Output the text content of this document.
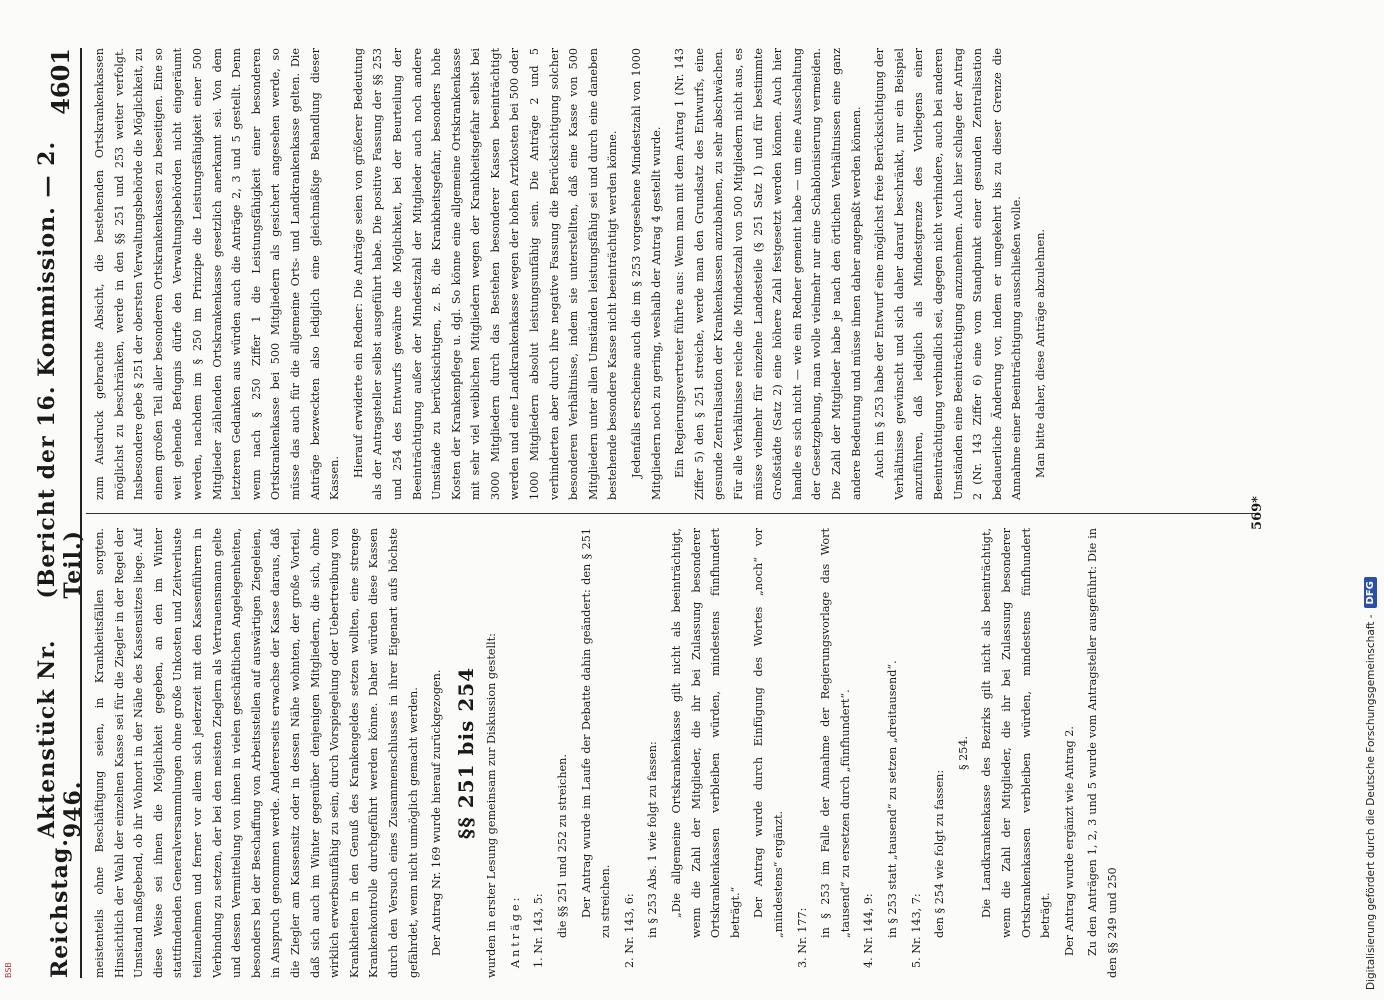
Reichstag.
Aktenstück Nr. 946.
(Bericht der 16. Kommission. — 2. Teil.)
4601

meistenteils ohne Beschäftigung seien, in Krankheitsfällen sorgten. Hinsichtlich der Wahl der einzelnen Kasse sei für die Ziegler in der Regel der Umstand maßgebend, ob ihr Wohnort in der Nähe des Kassensitzes liege. Auf diese Weise sei ihnen die Möglichkeit gegeben, an den im Winter stattfindenden Generalversammlungen ohne große Unkosten und Zeitverluste teilzunehmen und ferner vor allem sich jederzeit mit den Kassenführern in Verbindung zu setzen, der bei den meisten Zieglern als Vertrauensmann gelte und dessen Vermittelung von ihnen in vielen geschäftlichen Angelegenheiten, besonders bei der Beschaffung von Arbeitsstellen auf auswärtigen Ziegeleien, in Anspruch genommen werde. Andererseits erwachse der Kasse daraus, daß die Ziegler am Kassensitz oder in dessen Nähe wohnten, der große Vorteil, daß sich auch im Winter gegenüber denjenigen Mitgliedern, die sich, ohne wirklich erwerbsunfähig zu sein, durch Vorspiegelung oder Uebertreibung von Krankheiten in den Genuß des Krankengeldes setzen wollten, eine strenge Krankenkontrolle durchgeführt werden könne. Daher würden diese Kassen durch den Versuch eines Zusammenschlusses in ihrer Eigenart aufs höchste gefährdet, wenn nicht unmöglich gemacht werden. Der Antrag Nr. 169 wurde hierauf zurückgezogen. §§ 251 bis 254 wurden in erster Lesung gemeinsam zur Diskussion gestellt: Anträge: 1. Nr. 143, 5: die §§ 251 und 252 zu streichen. Der Antrag wurde im Laufe der Debatte dahin geändert: den § 251 zu streichen. 2. Nr. 143, 6: in § 253 Abs. 1 wie folgt zu fassen: „Die allgemeine Ortskrankenkasse gilt nicht als beeinträchtigt, wenn die Zahl der Mitglieder, die ihr bei Zulassung besonderer Ortskrankenkassen verbleiben würden, mindestens fünfhundert beträgt.“ Der Antrag wurde durch Einfügung des Wortes „noch“ vor „mindestens“ ergänzt. 3. Nr. 177: in § 253 im Falle der Annahme der Regierungsvorlage das Wort „tausend“ zu ersetzen durch „fünfhundert“. 4. Nr. 144, 9: in § 253 statt „tausend“ zu setzen „dreitausend“. 5. Nr. 143, 7: den § 254 wie folgt zu fassen:

§ 254. Die Landkrankenkasse des Bezirks gilt nicht als beeinträchtigt, wenn die Zahl der Mitglieder, die ihr bei Zulassung besonderer Ortskrankenkassen verbleiben würden, mindestens fünfhundert beträgt. Der Antrag wurde ergänzt wie Antrag 2. Zu den Anträgen 1, 2, 3 und 5 wurde vom Antragsteller ausgeführt: Die in den §§ 249 und 250

zum Ausdruck gebrachte Absicht, die bestehenden Ortskrankenkassen möglichst zu beschränken, werde in den §§ 251 und 253 weiter verfolgt. Insbesondere gebe § 251 der obersten Verwaltungsbehörde die Möglichkeit, zu einem großen Teil aller besonderen Ortskrankenkassen zu beseitigen. Eine so weit gehende Befugnis dürfe den Verwaltungsbehörden nicht eingeräumt werden, nachdem im § 250 im Prinzipe die Leistungsfähigkeit einer 500 Mitglieder zählenden Ortskrankenkasse gesetzlich anerkannt sei. Von dem letzteren Gedanken aus würden auch die Anträge 2, 3 und 5 gestellt. Denn wenn nach § 250 Ziffer 1 die Leistungsfähigkeit einer besonderen Ortskrankenkasse bei 500 Mitgliedern als gesichert angesehen werde, so müsse das auch für die allgemeine Orts- und Landkrankenkasse gelten. Die Anträge bezweckten also lediglich eine gleichmäßige Behandlung dieser Kassen.

Hierauf erwiderte ein Redner: Die Anträge seien von größerer Bedeutung als der Antragsteller selbst ausgeführt habe. Die positive Fassung der §§ 253 und 254 des Entwurfs gewähre die Möglichkeit, bei der Beurteilung der Beeinträchtigung außer der Mindestzahl der Mitglieder auch noch andere Umstände zu berücksichtigen, z. B. die Krankheitsgefahr, besonders hohe Kosten der Krankenpflege u. dgl. So könne eine allgemeine Ortskrankenkasse mit sehr viel weiblichen Mitgliedern wegen der Krankheitsgefahr selbst bei 3000 Mitgliedern durch das Bestehen besonderer Kassen beeinträchtigt werden und eine Landkrankenkasse wegen der hohen Arztkosten bei 500 oder 1000 Mitgliedern absolut leistungsunfähig sein. Die Anträge 2 und 5 verhinderten aber durch ihre negative Fassung die Berücksichtigung solcher besonderen Verhältnisse, indem sie unterstellten, daß eine Kasse von 500 Mitgliedern unter allen Umständen leistungsfähig sei und durch eine daneben bestehende besondere Kasse nicht beeinträchtigt werden könne. Jedenfalls erscheine auch die im § 253 vorgesehene Mindestzahl von 1000 Mitgliedern noch zu gering, weshalb der Antrag 4 gestellt wurde. Ein Regierungsvertreter führte aus: Wenn man mit dem Antrag 1 (Nr. 143 Ziffer 5) den § 251 streiche, werde man den Grundsatz des Entwurfs, eine gesunde Zentralisation der Krankenkassen anzubahnen, zu sehr abschwächen. Für alle Verhältnisse reiche die Mindestzahl von 500 Mitgliedern nicht aus, es müsse vielmehr für einzelne Landesteile (§ 251 Satz 1) und für bestimmte Großstädte (Satz 2) eine höhere Zahl festgesetzt werden können. Auch hier handle es sich nicht — wie ein Redner gemeint habe — um eine Ausschaltung der Gesetzgebung, man wolle vielmehr nur eine Schablonisierung vermeiden. Die Zahl der Mitglieder habe je nach den örtlichen Verhältnissen eine ganz andere Bedeutung und müsse ihnen daher angepaßt werden können. Auch im § 253 habe der Entwurf eine möglichst freie Berücksichtigung der Verhältnisse gewünscht und sich daher darauf beschränkt, nur ein Beispiel anzuführen, daß lediglich als Mindestgrenze des Vorliegens einer Beeinträchtigung verbindlich sei, dagegen nicht verhindere, auch bei anderen Umständen eine Beeinträchtigung anzunehmen. Auch hier schlage der Antrag 2 (Nr. 143 Ziffer 6) eine vom Standpunkt einer gesunden Zentralisation bedauerliche Änderung vor, indem er umgekehrt bis zu dieser Grenze die Annahme einer Beeinträchtigung ausschließen wolle. Man bitte daher, diese Anträge abzulehnen.

569*
Digitalisierung gefördert durch die Deutsche Forschungsgemeinschaft -
DFG
BSB
